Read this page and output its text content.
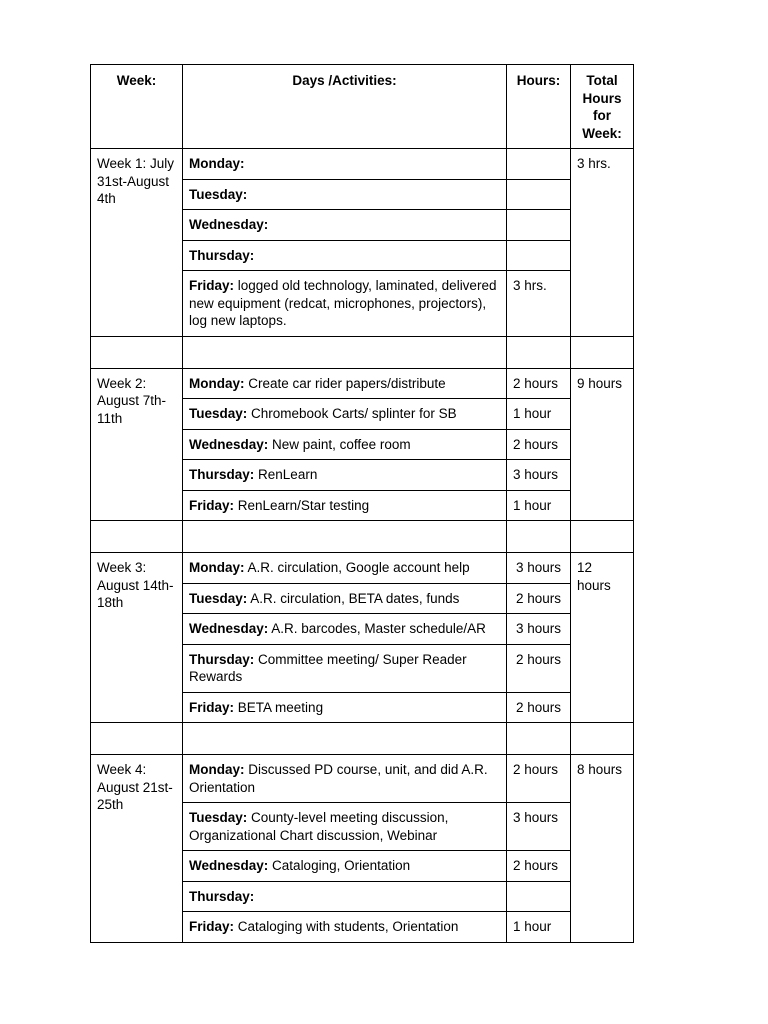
Week:	Days /Activities:	Hours:	Total Hours for Week:
Week 1: July 31st-August 4th	Monday:		3 hrs.
	Tuesday:		
	Wednesday:		
	Thursday:		
	Friday: logged old technology, laminated, delivered new equipment (redcat, microphones, projectors), log new laptops.	3 hrs.	

Week 2: August 7th-11th	Monday: Create car rider papers/distribute	2 hours	9 hours
	Tuesday: Chromebook Carts/ splinter for SB	1 hour	
	Wednesday: New paint, coffee room	2 hours	
	Thursday: RenLearn	3 hours	
	Friday: RenLearn/Star testing	1 hour	

Week 3: August 14th-18th	Monday: A.R. circulation, Google account help	3 hours	12 hours
	Tuesday: A.R. circulation, BETA dates, funds	2 hours	
	Wednesday: A.R. barcodes, Master schedule/AR	3 hours	
	Thursday: Committee meeting/ Super Reader Rewards	2 hours	
	Friday: BETA meeting	2 hours	

Week 4: August 21st-25th	Monday: Discussed PD course, unit, and did A.R. Orientation	2 hours	8 hours
	Tuesday: County-level meeting discussion, Organizational Chart discussion, Webinar	3 hours	
	Wednesday: Cataloging, Orientation	2 hours	
	Thursday:		
	Friday: Cataloging with students, Orientation	1 hour	
